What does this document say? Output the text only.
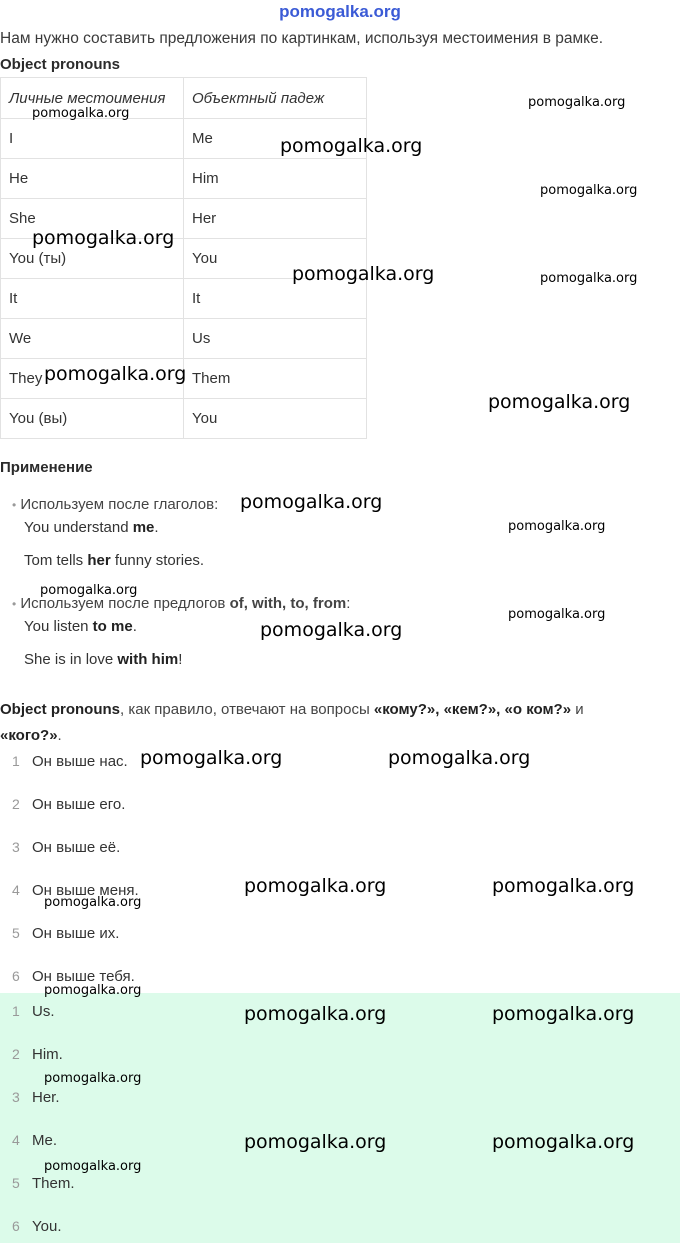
pomogalka.org
Нам нужно составить предложения по картинкам, используя местоимения в рамке.
Object pronouns
Личные местоимения	Объектный падеж
I	Me
He	Him
She	Her
You (ты)	You
It	It
We	Us
They	Them
You (вы)	You
Применение
• Используем после глаголов:
You understand me.
Tom tells her funny stories.
• Используем после предлогов of, with, to, from:
You listen to me.
She is in love with him!
Object pronouns, как правило, отвечают на вопросы «кому?», «кем?», «о ком?» и «кого?».
1 Он выше нас.
2 Он выше его.
3 Он выше её.
4 Он выше меня.
5 Он выше их.
6 Он выше тебя.
1 Us.
2 Him.
3 Her.
4 Me.
5 Them.
6 You.
pomogalka.org
pomogalka.org
pomogalka.org
pomogalka.org
pomogalka.org
pomogalka.org	pomogalka.org
pomogalka.org
pomogalka.org
pomogalka.org
pomogalka.org
pomogalka.org
pomogalka.org
pomogalka.org
pomogalka.org	pomogalka.org
pomogalka.org	pomogalka.org
pomogalka.org
pomogalka.org
pomogalka.org	pomogalka.org
pomogalka.org
pomogalka.org	pomogalka.org
pomogalka.org
